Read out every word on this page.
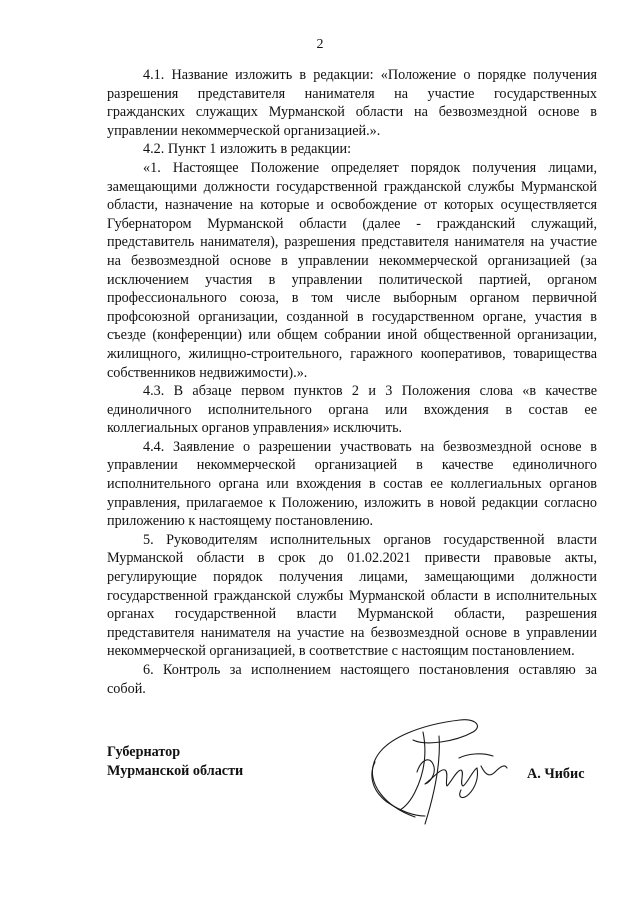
2

4.1. Название изложить в редакции: «Положение о порядке получения разрешения представителя нанимателя на участие государственных гражданских служащих Мурманской области на безвозмездной основе в управлении некоммерческой организацией.».

4.2. Пункт 1 изложить в редакции:

«1. Настоящее Положение определяет порядок получения лицами, замещающими должности государственной гражданской службы Мурманской области, назначение на которые и освобождение от которых осуществляется Губернатором Мурманской области (далее - гражданский служащий, представитель нанимателя), разрешения представителя нанимателя на участие на безвозмездной основе в управлении некоммерческой организацией (за исключением участия в управлении политической партией, органом профессионального союза, в том числе выборным органом первичной профсоюзной организации, созданной в государственном органе, участия в съезде (конференции) или общем собрании иной общественной организации, жилищного, жилищно-строительного, гаражного кооперативов, товарищества собственников недвижимости).».

4.3. В абзаце первом пунктов 2 и 3 Положения слова «в качестве единоличного исполнительного органа или вхождения в состав ее коллегиальных органов управления» исключить.

4.4. Заявление о разрешении участвовать на безвозмездной основе в управлении некоммерческой организацией в качестве единоличного исполнительного органа или вхождения в состав ее коллегиальных органов управления, прилагаемое к Положению, изложить в новой редакции согласно приложению к настоящему постановлению.

5. Руководителям исполнительных органов государственной власти Мурманской области в срок до 01.02.2021 привести правовые акты, регулирующие порядок получения лицами, замещающими должности государственной гражданской службы Мурманской области в исполнительных органах государственной власти Мурманской области, разрешения представителя нанимателя на участие на безвозмездной основе в управлении некоммерческой организацией, в соответствие с настоящим постановлением.

6. Контроль за исполнением настоящего постановления оставляю за собой.

Губернатор
Мурманской области	А. Чибис
